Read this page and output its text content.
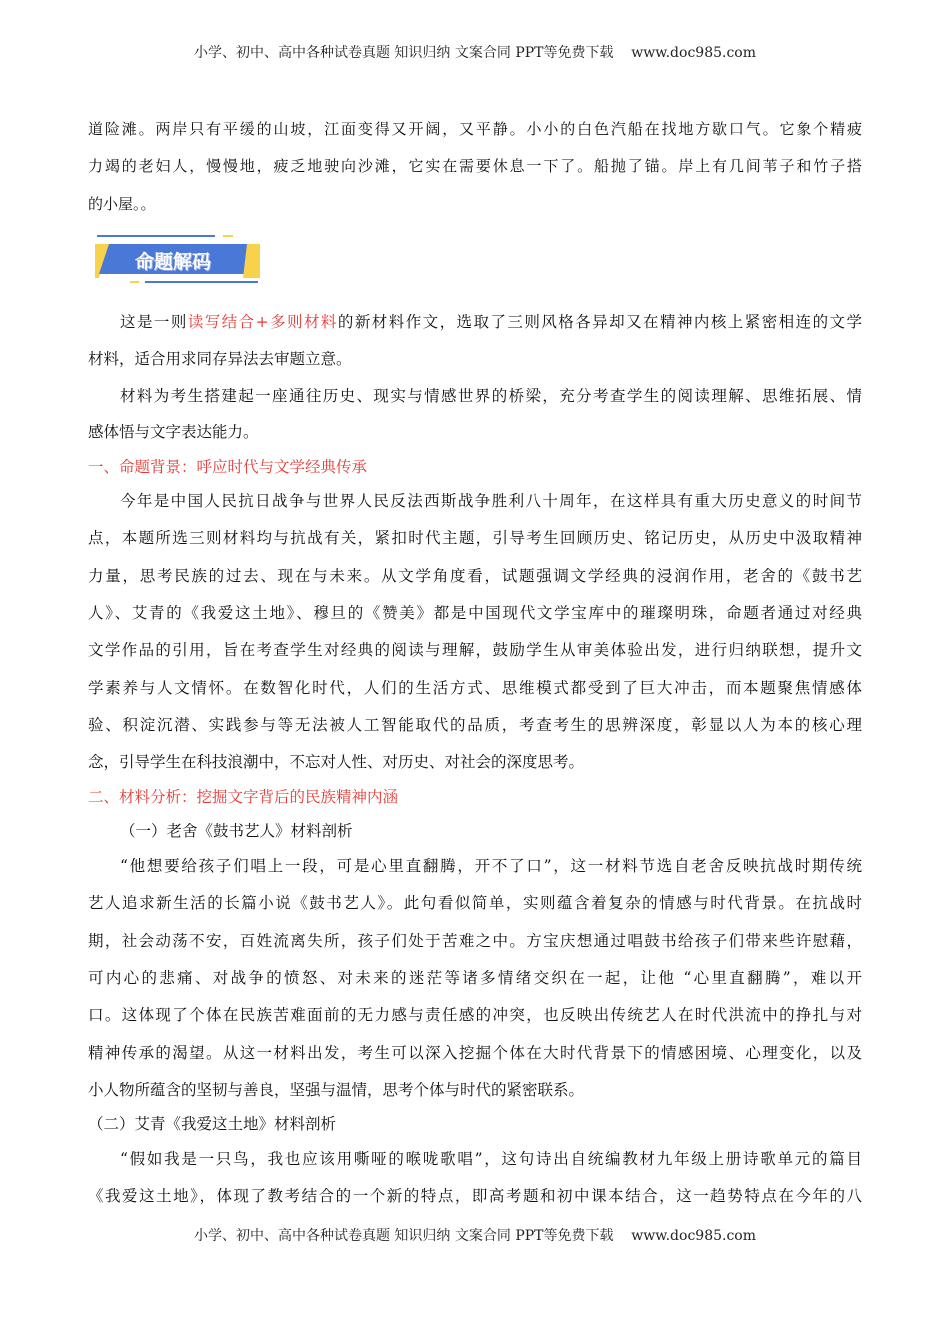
小学、初中、高中各种试卷真题 知识归纳 文案合同 PPT等免费下载    www.doc985.com
道险滩。两岸只有平缓的山坡，江面变得又开阔，又平静。小小的白色汽船在找地方歇口气。它象个精疲
力竭的老妇人，慢慢地，疲乏地驶向沙滩，它实在需要休息一下了。船抛了锚。岸上有几间苇子和竹子搭
的小屋。。
命题解码
这是一则读写结合+多则材料的新材料作文，选取了三则风格各异却又在精神内核上紧密相连的文学
材料，适合用求同存异法去审题立意。
材料为考生搭建起一座通往历史、现实与情感世界的桥梁，充分考查学生的阅读理解、思维拓展、情
感体悟与文字表达能力。
一、命题背景：呼应时代与文学经典传承
今年是中国人民抗日战争与世界人民反法西斯战争胜利八十周年，在这样具有重大历史意义的时间节
点，本题所选三则材料均与抗战有关，紧扣时代主题，引导考生回顾历史、铭记历史，从历史中汲取精神
力量，思考民族的过去、现在与未来。从文学角度看，试题强调文学经典的浸润作用，老舍的《鼓书艺
人》、艾青的《我爱这土地》、穆旦的《赞美》都是中国现代文学宝库中的璀璨明珠，命题者通过对经典
文学作品的引用，旨在考查学生对经典的阅读与理解，鼓励学生从审美体验出发，进行归纳联想，提升文
学素养与人文情怀。在数智化时代，人们的生活方式、思维模式都受到了巨大冲击，而本题聚焦情感体
验、积淀沉潜、实践参与等无法被人工智能取代的品质，考查考生的思辨深度，彰显以人为本的核心理
念，引导学生在科技浪潮中，不忘对人性、对历史、对社会的深度思考。
二、材料分析：挖掘文字背后的民族精神内涵
（一）老舍《鼓书艺人》材料剖析
“他想要给孩子们唱上一段，可是心里直翻腾，开不了口”，这一材料节选自老舍反映抗战时期传统
艺人追求新生活的长篇小说《鼓书艺人》。此句看似简单，实则蕴含着复杂的情感与时代背景。在抗战时
期，社会动荡不安，百姓流离失所，孩子们处于苦难之中。方宝庆想通过唱鼓书给孩子们带来些许慰藉，
可内心的悲痛、对战争的愤怒、对未来的迷茫等诸多情绪交织在一起，让他 “心里直翻腾”，难以开
口。这体现了个体在民族苦难面前的无力感与责任感的冲突，也反映出传统艺人在时代洪流中的挣扎与对
精神传承的渴望。从这一材料出发，考生可以深入挖掘个体在大时代背景下的情感困境、心理变化，以及
小人物所蕴含的坚韧与善良，坚强与温情，思考个体与时代的紧密联系。
（二）艾青《我爱这土地》材料剖析
“假如我是一只鸟，我也应该用嘶哑的喉咙歌唱”，这句诗出自统编教材九年级上册诗歌单元的篇目
《我爱这土地》，体现了教考结合的一个新的特点，即高考题和初中课本结合，这一趋势特点在今年的八
小学、初中、高中各种试卷真题 知识归纳 文案合同 PPT等免费下载    www.doc985.com
